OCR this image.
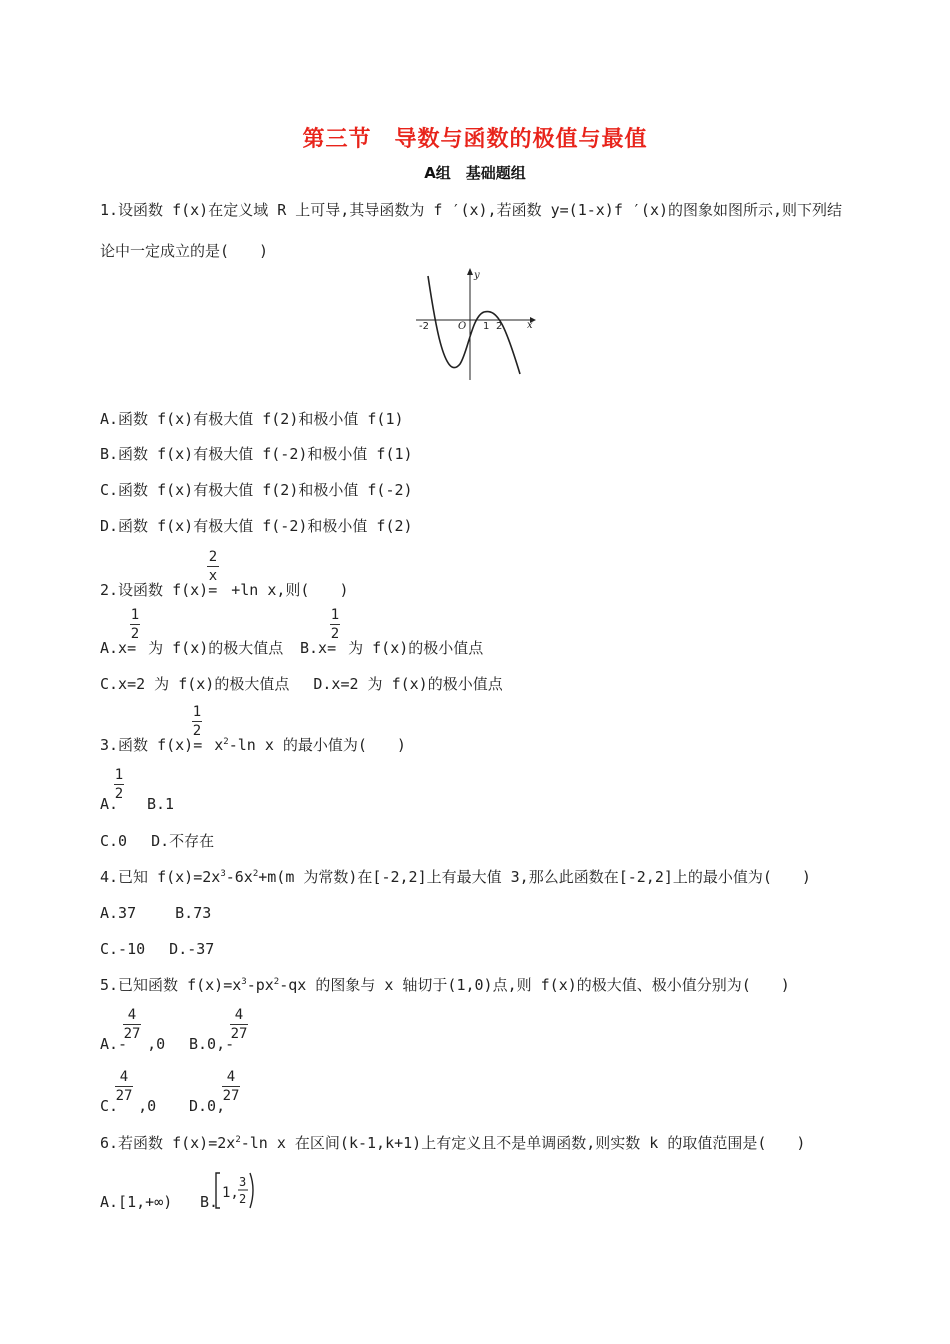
第三节　导数与函数的极值与最值
A组　基础题组
1.设函数 f(x)在定义域 R 上可导,其导函数为 f ′(x),若函数 y=(1-x)f ′(x)的图象如图所示,则下列结
论中一定成立的是(　　)
y
x
-2	O 1 2
A.函数 f(x)有极大值 f(2)和极小值 f(1)
B.函数 f(x)有极大值 f(-2)和极小值 f(1)
C.函数 f(x)有极大值 f(2)和极小值 f(-2)
D.函数 f(x)有极大值 f(-2)和极小值 f(2)
2.设函数 f(x)= +ln x,则(　　)
2
x
A.x= 为 f(x)的极大值点
1
2
B.x= 为 f(x)的极小值点
1
2
C.x=2 为 f(x)的极大值点　 D.x=2 为 f(x)的极小值点
3.函数 $f(x)= x^2-\ln$ x 的最小值为(　　)
1
2
A.
1
2
B.1
C.0　 D.不存在
4.已知 $f(x)=2x^3-6x^2+m(m$ 为常数)在[-2,2]上有最大值 3,那么此函数在[-2,2]上的最小值为(　　)
A.37　　 B.73
C.-10　 D.-37
5.已知函数 $f(x)=x^3-px^2-qx$ 的图象与 x 轴切于(1,0)点,则 f(x)的极大值、极小值分别为(　　)
A.- ,0
4
27
B.0,-
4
27
C. ,0
4
27
D.0,
4
27
6.若函数 $f(x)=2x^2-\ln$ x 在区间(k-1,k+1)上有定义且不是单调函数,则实数 k 的取值范围是(　　)
A.[1,+∞) B. 1,
3
2
